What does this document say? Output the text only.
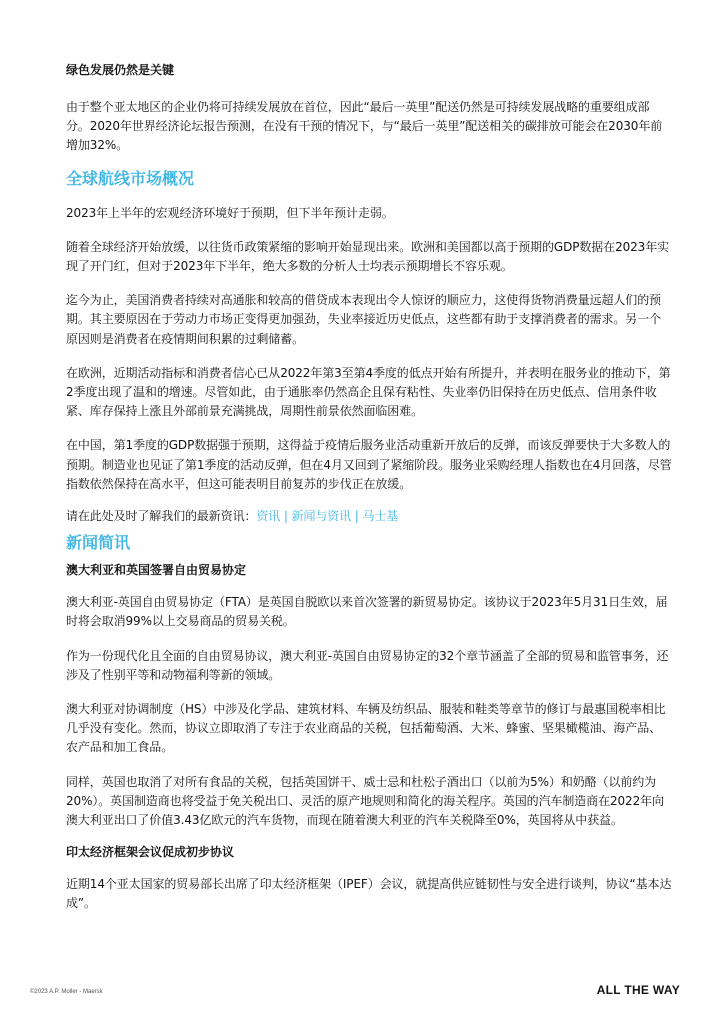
绿色发展仍然是关键

由于整个亚太地区的企业仍将可持续发展放在首位，因此“最后一英里”配送仍然是可持续发展战略的重要组成部分。2020年世界经济论坛报告预测，在没有干预的情况下，与“最后一英里”配送相关的碳排放可能会在2030年前增加32%。

全球航线市场概况

2023年上半年的宏观经济环境好于预期，但下半年预计走弱。

随着全球经济开始放缓，以往货币政策紧缩的影响开始显现出来。欧洲和美国都以高于预期的GDP数据在2023年实现了开门红，但对于2023年下半年，绝大多数的分析人士均表示预期增长不容乐观。

迄今为止，美国消费者持续对高通胀和较高的借贷成本表现出令人惊讶的顺应力，这使得货物消费量远超人们的预期。其主要原因在于劳动力市场正变得更加强劲，失业率接近历史低点，这些都有助于支撑消费者的需求。另一个原因则是消费者在疫情期间积累的过剩储蓄。

在欧洲，近期活动指标和消费者信心已从2022年第3至第4季度的低点开始有所提升，并表明在服务业的推动下，第2季度出现了温和的增速。尽管如此，由于通胀率仍然高企且保有粘性、失业率仍旧保持在历史低点、信用条件收紧、库存保持上涨且外部前景充满挑战，周期性前景依然面临困难。

在中国，第1季度的GDP数据强于预期，这得益于疫情后服务业活动重新开放后的反弹，而该反弹要快于大多数人的预期。制造业也见证了第1季度的活动反弹，但在4月又回到了紧缩阶段。服务业采购经理人指数也在4月回落，尽管指数依然保持在高水平，但这可能表明目前复苏的步伐正在放缓。

请在此处及时了解我们的最新资讯：资讯 | 新闻与资讯 | 马士基

新闻简讯
澳大利亚和英国签署自由贸易协定

澳大利亚-英国自由贸易协定（FTA）是英国自脱欧以来首次签署的新贸易协定。该协议于2023年5月31日生效，届时将会取消99%以上交易商品的贸易关税。

作为一份现代化且全面的自由贸易协议，澳大利亚-英国自由贸易协定的32个章节涵盖了全部的贸易和监管事务，还涉及了性别平等和动物福利等新的领域。

澳大利亚对协调制度（HS）中涉及化学品、建筑材料、车辆及纺织品、服装和鞋类等章节的修订与最惠国税率相比几乎没有变化。然而，协议立即取消了专注于农业商品的关税，包括葡萄酒、大米、蜂蜜、坚果橄榄油、海产品、农产品和加工食品。

同样，英国也取消了对所有食品的关税，包括英国饼干、威士忌和杜松子酒出口（以前为5%）和奶酪（以前约为20%）。英国制造商也将受益于免关税出口、灵活的原产地规则和简化的海关程序。英国的汽车制造商在2022年向澳大利亚出口了价值3.43亿欧元的汽车货物，而现在随着澳大利亚的汽车关税降至0%，英国将从中获益。

印太经济框架会议促成初步协议

近期14个亚太国家的贸易部长出席了印太经济框架（IPEF）会议，就提高供应链韧性与安全进行谈判，协议“基本达成”。

©2023 A.P. Moller - Maersk	ALL THE WAY
